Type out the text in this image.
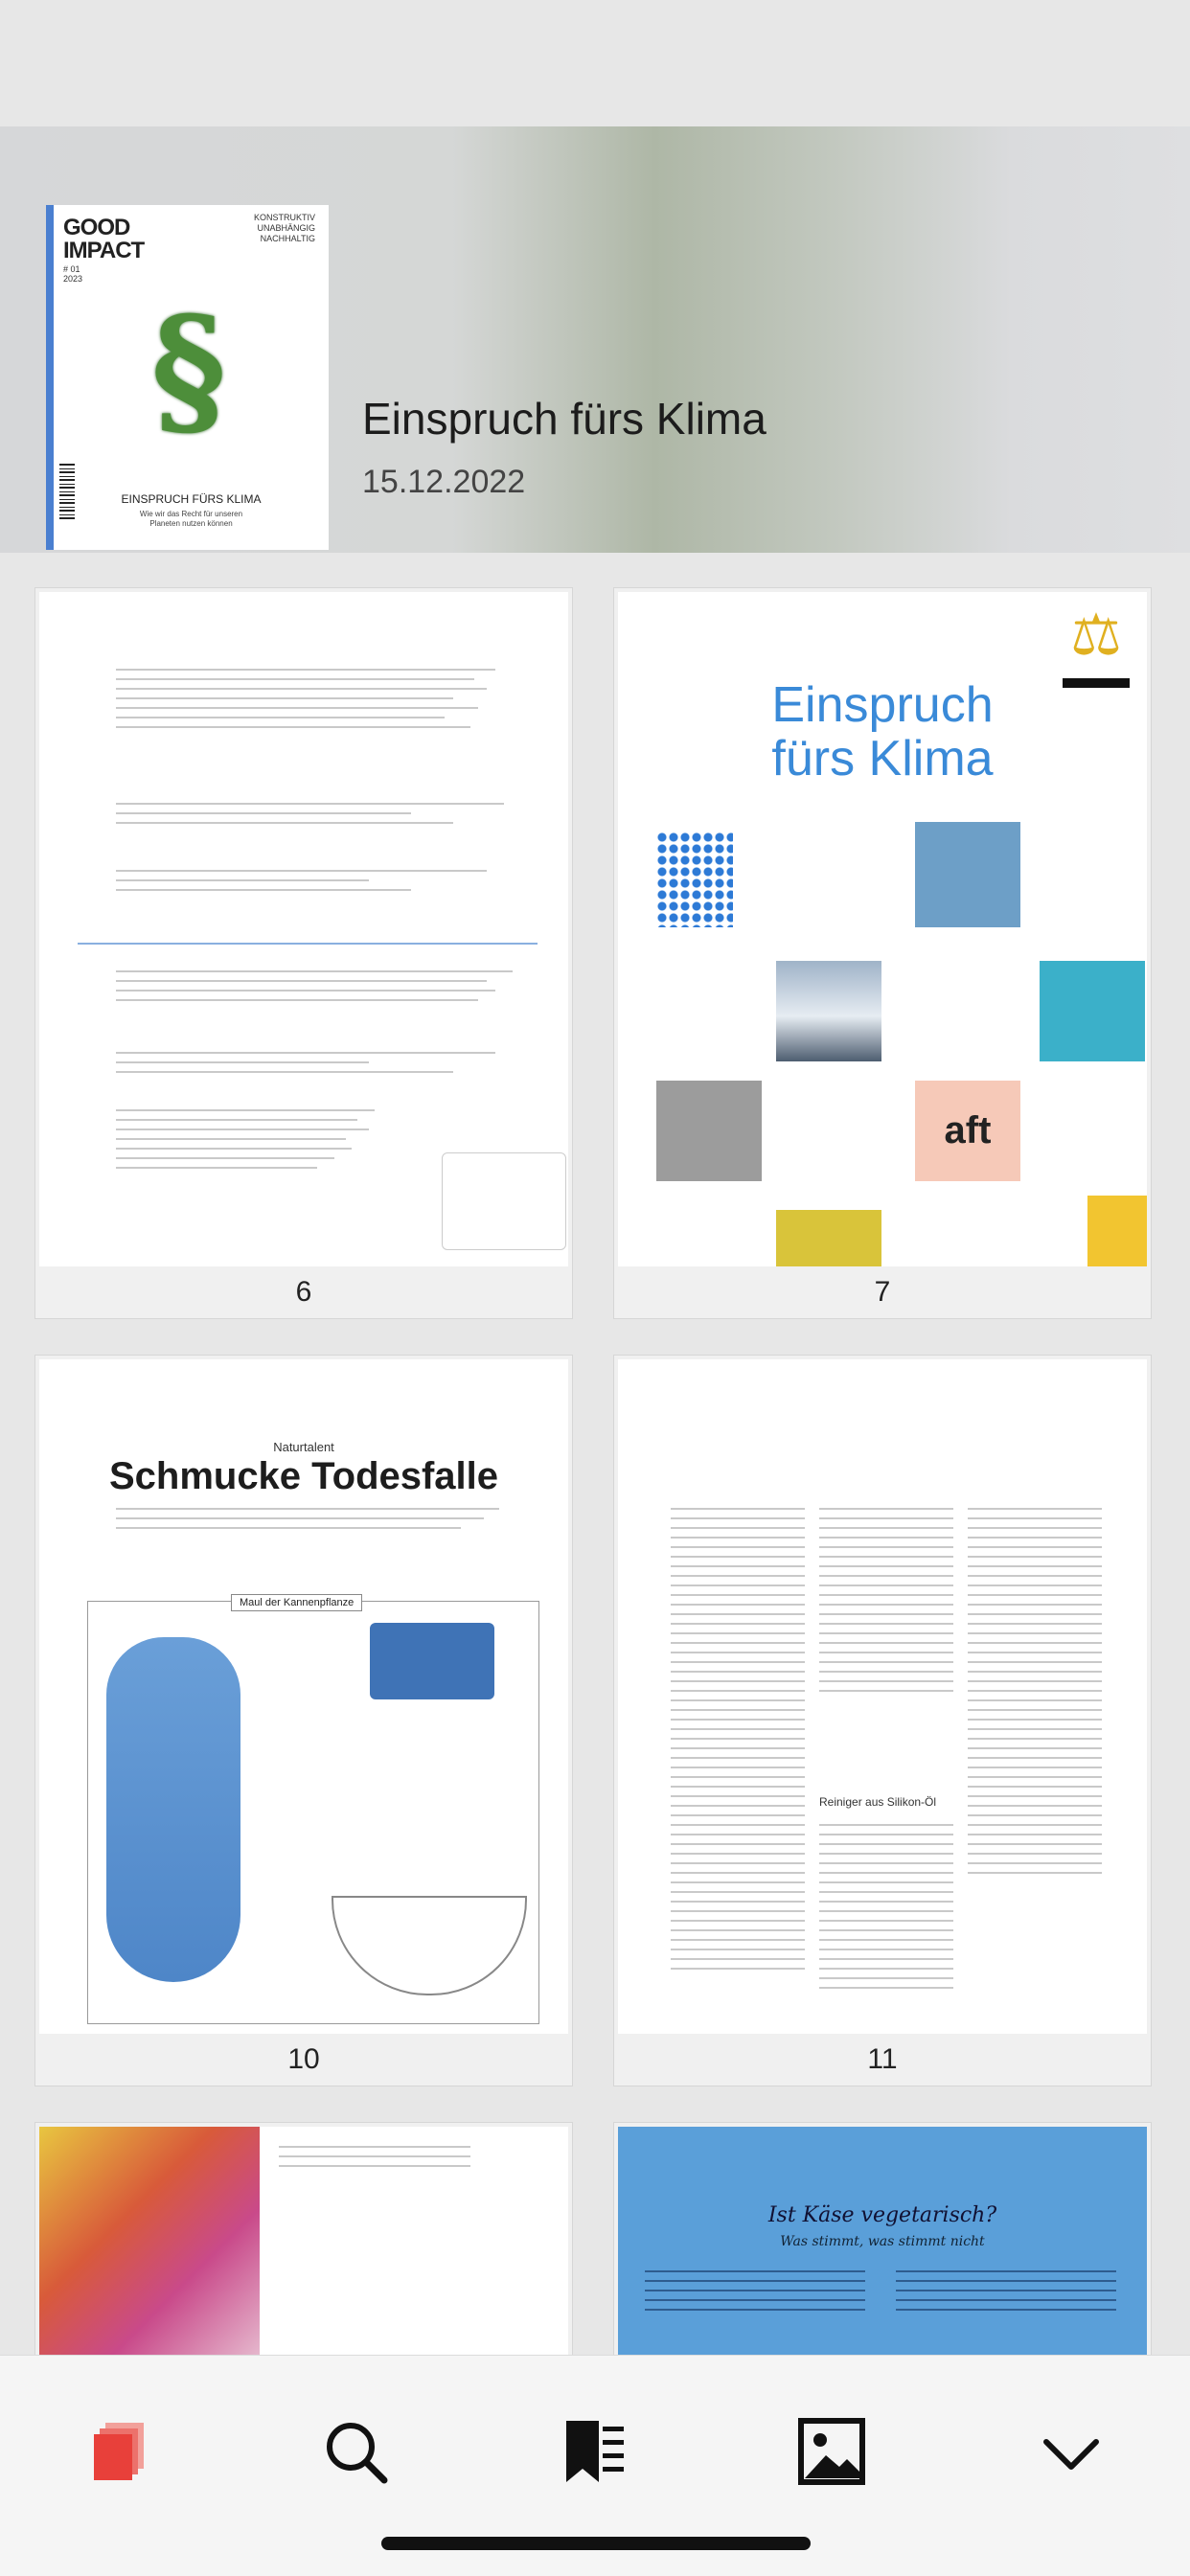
GOOD
IMPACT
# 01
2023
KONSTRUKTIV
UNABHÄNGIG
NACHHALTIG
§
EINSPRUCH FÜRS KLIMA
Wie wir das Recht für unseren
Planeten nutzen können
Einspruch fürs Klima
15.12.2022
6
Einspruch
fürs Klima
⚖
aft
7
Naturtalent
Schmucke Todesfalle
Maul der Kannenpflanze
10
Reiniger aus Silikon-Öl
11
Ist Käse vegetarisch?
Was stimmt, was stimmt nicht
